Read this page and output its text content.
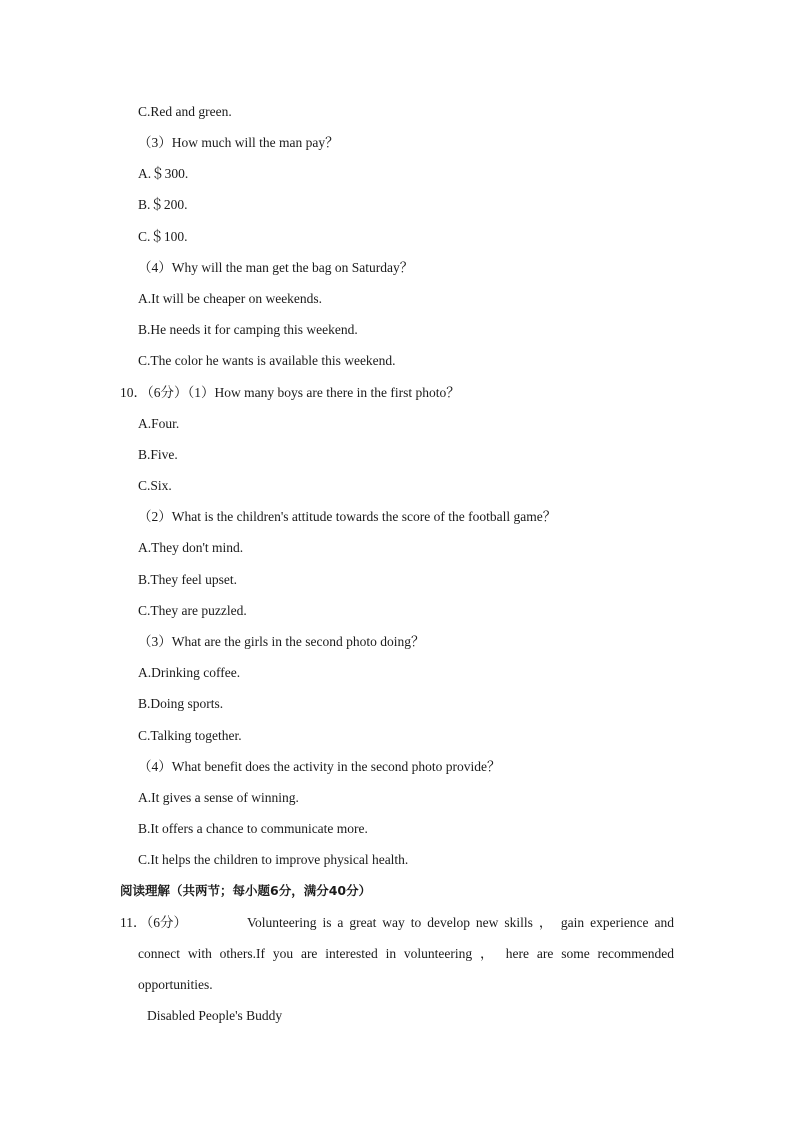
C.Red and green.
（3）How much will the man pay？
A.＄300.
B.＄200.
C.＄100.
（4）Why will the man get the bag on Saturday？
A.It will be cheaper on weekends.
B.He needs it for camping this weekend.
C.The color he wants is available this weekend.
10．（6分）（1）How many boys are there in the first photo？
A.Four.
B.Five.
C.Six.
（2）What is the children's attitude towards the score of the football game？
A.They don't mind.
B.They feel upset.
C.They are puzzled.
（3）What are the girls in the second photo doing？
A.Drinking coffee.
B.Doing sports.
C.Talking together.
（4）What benefit does the activity in the second photo provide？
A.It gives a sense of winning.
B.It offers a chance to communicate more.
C.It helps the children to improve physical health.
阅读理解（共两节；每小题6分，满分40分）
11．（6分）	Volunteering is a great way to develop new skills ， gain experience and
connect with others.If you are interested in volunteering ， here are some recommended
opportunities.
Disabled People's Buddy
